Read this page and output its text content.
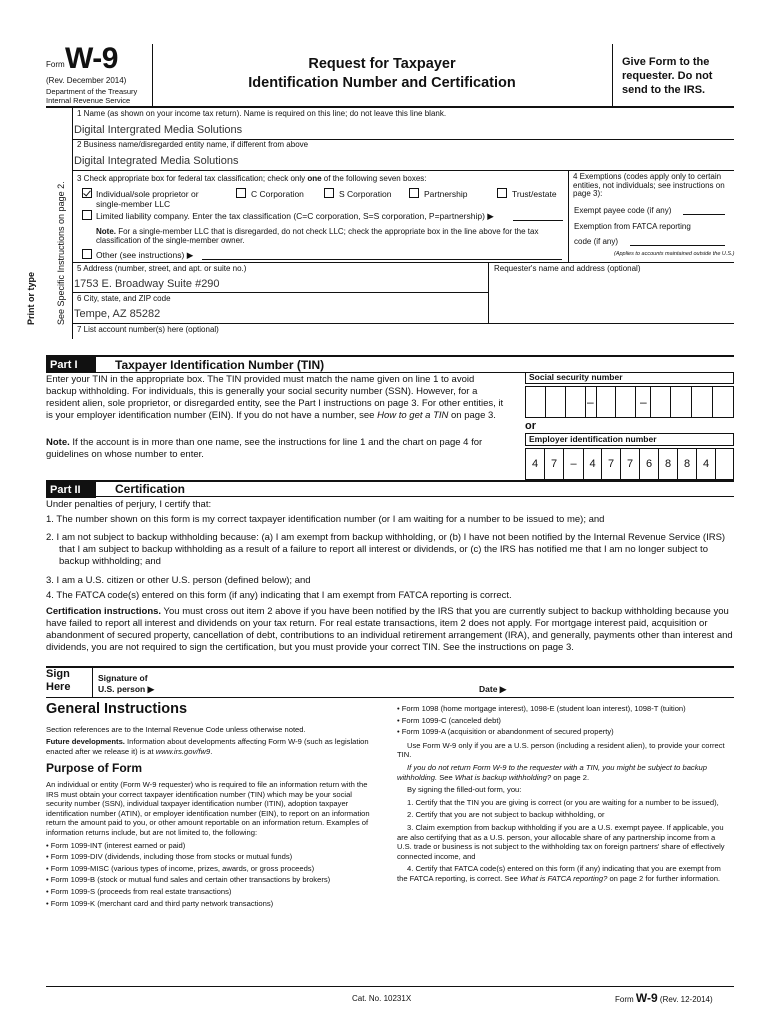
Form W-9
(Rev. December 2014)
Department of the Treasury
Internal Revenue Service
Request for Taxpayer
Identification Number and Certification
Give Form to the requester. Do not send to the IRS.
Print or type See Specific Instructions on page 2.
1 Name (as shown on your income tax return). Name is required on this line; do not leave this line blank.
Digital Intergrated Media Solutions
2 Business name/disregarded entity name, if different from above
Digital Integrated Media Solutions
3 Check appropriate box for federal tax classification; check only one of the following seven boxes:
Individual/sole proprietor or
single-member LLC
C Corporation	S Corporation	Partnership	Trust/estate
Limited liability company. Enter the tax classification (C=C corporation, S=S corporation, P=partnership) ▶
Note. For a single-member LLC that is disregarded, do not check LLC; check the appropriate box in the line above for the tax classification of the single-member owner.
Other (see instructions) ▶
4 Exemptions (codes apply only to certain entities, not individuals; see instructions on page 3):
Exempt payee code (if any)
Exemption from FATCA reporting
code (if any)
(Applies to accounts maintained outside the U.S.)
5 Address (number, street, and apt. or suite no.)	Requester's name and address (optional)
1753 E. Broadway Suite #290
6 City, state, and ZIP code
Tempe, AZ 85282
7 List account number(s) here (optional)
Part I	Taxpayer Identification Number (TIN)
Enter your TIN in the appropriate box. The TIN provided must match the name given on line 1 to avoid backup withholding. For individuals, this is generally your social security number (SSN). However, for a resident alien, sole proprietor, or disregarded entity, see the Part I instructions on page 3. For other entities, it is your employer identification number (EIN). If you do not have a number, see How to get a TIN on page 3.
Note. If the account is in more than one name, see the instructions for line 1 and the chart on page 4 for guidelines on whose number to enter.
Social security number
–	–
or
Employer identification number
4	7	–	4	7	7	6	8	8	4
Part II	Certification
Under penalties of perjury, I certify that:
1. The number shown on this form is my correct taxpayer identification number (or I am waiting for a number to be issued to me); and
2. I am not subject to backup withholding because: (a) I am exempt from backup withholding, or (b) I have not been notified by the Internal Revenue Service (IRS) that I am subject to backup withholding as a result of a failure to report all interest or dividends, or (c) the IRS has notified me that I am no longer subject to backup withholding; and
3. I am a U.S. citizen or other U.S. person (defined below); and
4. The FATCA code(s) entered on this form (if any) indicating that I am exempt from FATCA reporting is correct.
Certification instructions. You must cross out item 2 above if you have been notified by the IRS that you are currently subject to backup withholding because you have failed to report all interest and dividends on your tax return. For real estate transactions, item 2 does not apply. For mortgage interest paid, acquisition or abandonment of secured property, cancellation of debt, contributions to an individual retirement arrangement (IRA), and generally, payments other than interest and dividends, you are not required to sign the certification, but you must provide your correct TIN. See the instructions on page 3.
Sign
Here
Signature of
U.S. person ▶	Date ▶
General Instructions

Section references are to the Internal Revenue Code unless otherwise noted.

Future developments. Information about developments affecting Form W-9 (such as legislation enacted after we release it) is at www.irs.gov/fw9.

Purpose of Form

An individual or entity (Form W-9 requester) who is required to file an information return with the IRS must obtain your correct taxpayer identification number (TIN) which may be your social security number (SSN), individual taxpayer identification number (ITIN), adoption taxpayer identification number (ATIN), or employer identification number (EIN), to report on an information return the amount paid to you, or other amount reportable on an information return. Examples of information returns include, but are not limited to, the following:

• Form 1099-INT (interest earned or paid)

• Form 1099-DIV (dividends, including those from stocks or mutual funds)

• Form 1099-MISC (various types of income, prizes, awards, or gross proceeds)

• Form 1099-B (stock or mutual fund sales and certain other transactions by brokers)

• Form 1099-S (proceeds from real estate transactions)

• Form 1099-K (merchant card and third party network transactions)

• Form 1098 (home mortgage interest), 1098-E (student loan interest), 1098-T (tuition)

• Form 1099-C (canceled debt)

• Form 1099-A (acquisition or abandonment of secured property)

Use Form W-9 only if you are a U.S. person (including a resident alien), to provide your correct TIN.

If you do not return Form W-9 to the requester with a TIN, you might be subject to backup withholding. See What is backup withholding? on page 2.

By signing the filled-out form, you:

1. Certify that the TIN you are giving is correct (or you are waiting for a number to be issued),

2. Certify that you are not subject to backup withholding, or

3. Claim exemption from backup withholding if you are a U.S. exempt payee. If applicable, you are also certifying that as a U.S. person, your allocable share of any partnership income from a U.S. trade or business is not subject to the withholding tax on foreign partners' share of effectively connected income, and

4. Certify that FATCA code(s) entered on this form (if any) indicating that you are exempt from the FATCA reporting, is correct. See What is FATCA reporting? on page 2 for further information.

Cat. No. 10231X	Form W-9 (Rev. 12-2014)
